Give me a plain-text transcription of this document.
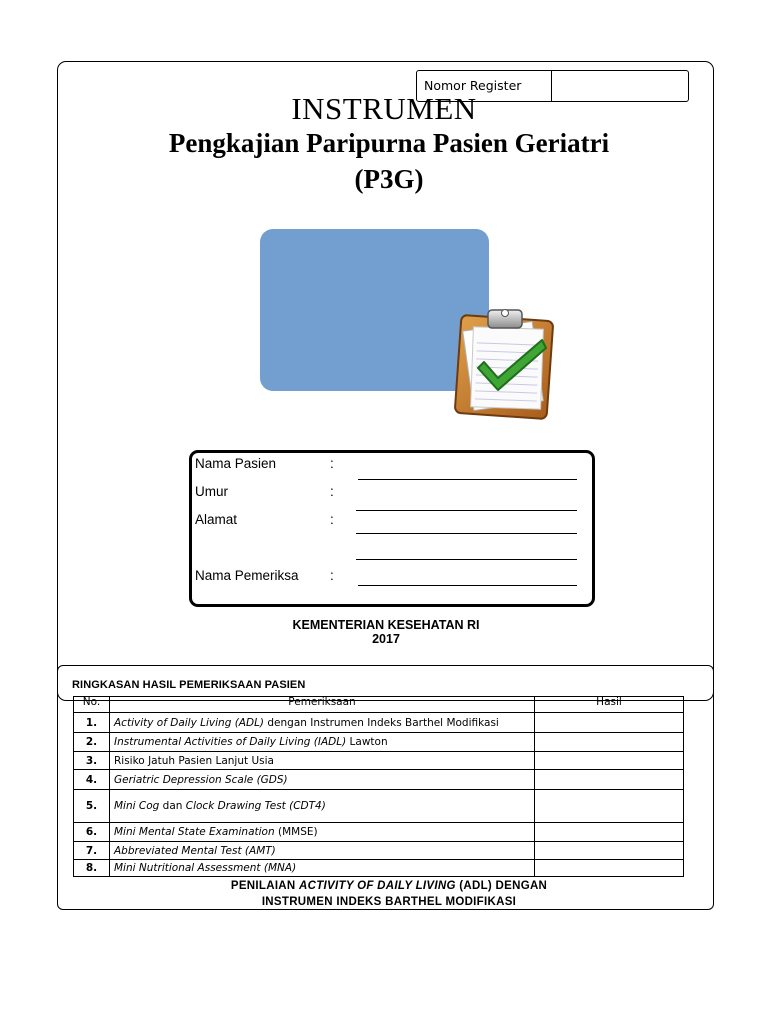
Nomor Register
INSTRUMEN
Pengkajian Paripurna Pasien Geriatri
(P3G)
Nama Pasien	:
Umur	:
Alamat	:
Nama Pemeriksa :
KEMENTERIAN KESEHATAN RI
2017
RINGKASAN HASIL PEMERIKSAAN PASIEN
No.	Pemeriksaan	Hasil
1.	Activity of Daily Living (ADL) dengan Instrumen Indeks Barthel Modifikasi	
2.	Instrumental Activities of Daily Living (IADL) Lawton	
3.	Risiko Jatuh Pasien Lanjut Usia	
4.	Geriatric Depression Scale (GDS)	
5.	Mini Cog dan Clock Drawing Test (CDT4)	
6.	Mini Mental State Examination (MMSE)	
7.	Abbreviated Mental Test (AMT)	
8.	Mini Nutritional Assessment (MNA)	
PENILAIAN ACTIVITY OF DAILY LIVING (ADL) DENGAN
INSTRUMEN INDEKS BARTHEL MODIFIKASI
